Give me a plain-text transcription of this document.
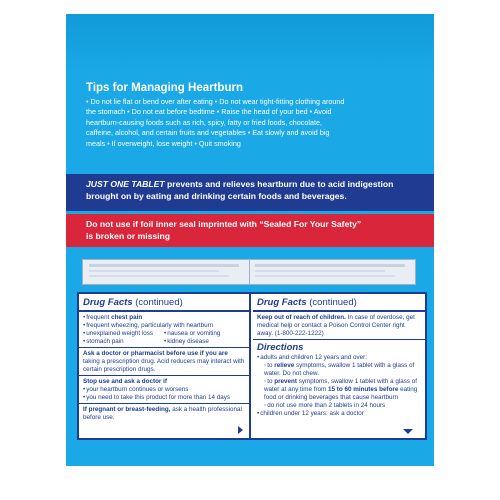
Tips for Managing Heartburn

• Do not lie flat or bend over after eating • Do not wear tight-fitting clothing around

the stomach • Do not eat before bedtime • Raise the head of your bed • Avoid

heartburn-causing foods such as rich, spicy, fatty or fried foods, chocolate,

caffeine, alcohol, and certain fruits and vegetables • Eat slowly and avoid big

meals • If overweight, lose weight • Quit smoking

JUST ONE TABLET prevents and relieves heartburn due to acid indigestion
brought on by eating and drinking certain foods and beverages.
Do not use if foil inner seal imprinted with “Sealed For Your Safety”
is broken or missing
Drug Facts (continued)
• frequent chest pain
• frequent wheezing, particularly with heartburn
• unexplained weight loss	• nausea or vomiting
• stomach pain	• kidney disease
Ask a doctor or pharmacist before use if you are
taking a prescription drug. Acid reducers may interact with certain prescription drugs.
Stop use and ask a doctor if
• your heartburn continues or worsens
• you need to take this product for more than 14 days
If pregnant or breast-feeding, ask a health professional before use.
Drug Facts (continued)
Keep out of reach of children. In case of overdose, get medical help or contact a Poison Control Center right away. (1-800-222-1222)
Directions
• adults and children 12 years and over:
◦ to relieve symptoms, swallow 1 tablet with a glass of water. Do not chew.
◦ to prevent symptoms, swallow 1 tablet with a glass of water at any time from 15 to 60 minutes before eating food or drinking beverages that cause heartburn
◦ do not use more than 2 tablets in 24 hours
• children under 12 years: ask a doctor
